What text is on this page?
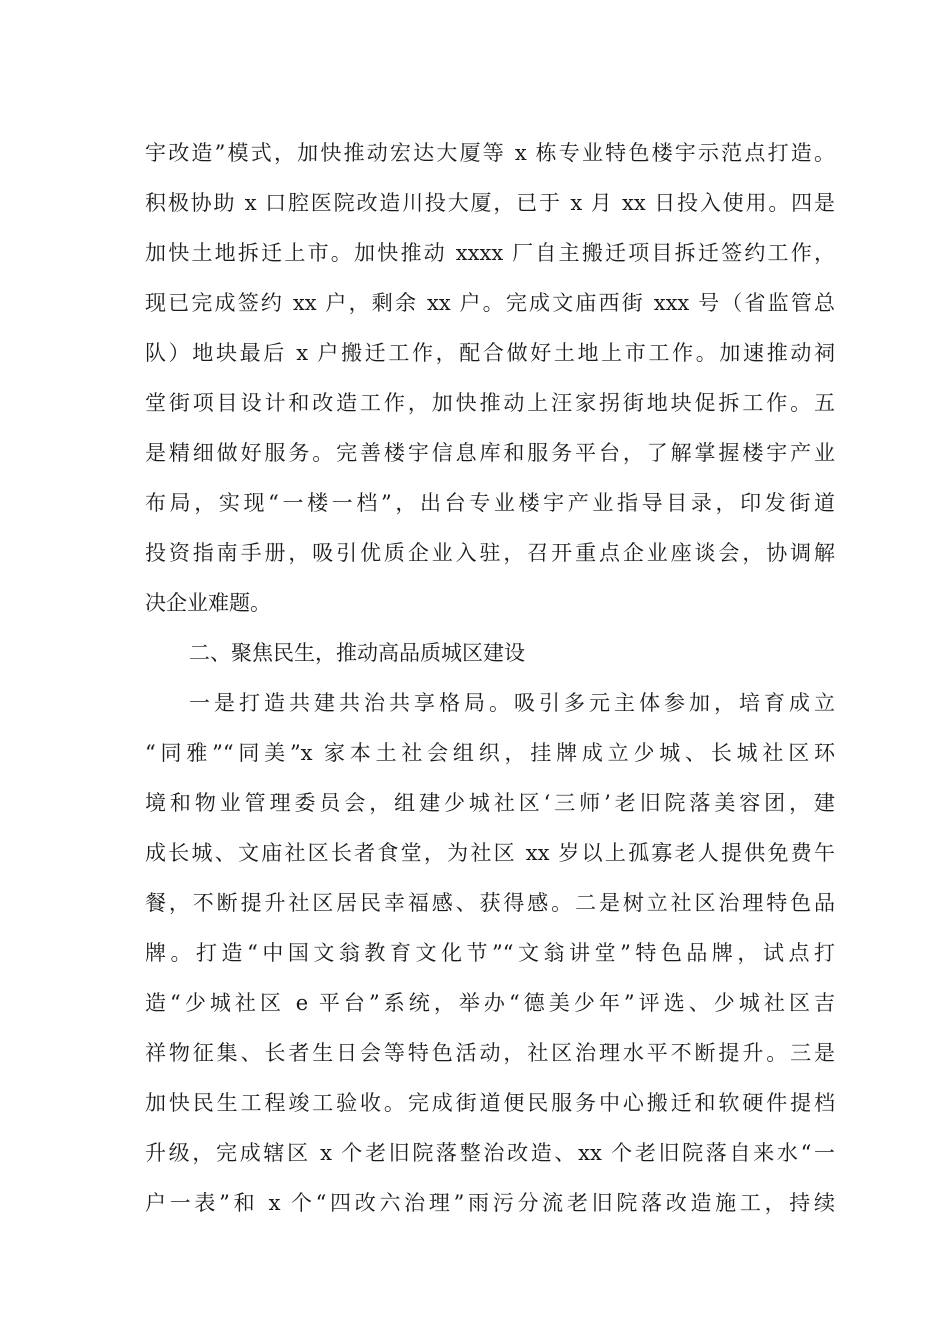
宇改造”模式，加快推动宏达大厦等 x 栋专业特色楼宇示范点打造。
积极协助 x 口腔医院改造川投大厦，已于 x 月 xx 日投入使用。四是
加快土地拆迁上市。加快推动 xxxx 厂自主搬迁项目拆迁签约工作，
现已完成签约 xx 户，剩余 xx 户。完成文庙西街 xxx 号（省监管总
队）地块最后 x 户搬迁工作，配合做好土地上市工作。加速推动祠
堂街项目设计和改造工作，加快推动上汪家拐街地块促拆工作。五
是精细做好服务。完善楼宇信息库和服务平台，了解掌握楼宇产业
布局，实现“一楼一档”，出台专业楼宇产业指导目录，印发街道
投资指南手册，吸引优质企业入驻，召开重点企业座谈会，协调解
决企业难题。
二、聚焦民生，推动高品质城区建设
一是打造共建共治共享格局。吸引多元主体参加，培育成立
“同雅”“同美”x 家本土社会组织，挂牌成立少城、长城社区环
境和物业管理委员会，组建少城社区‘三师’老旧院落美容团，建
成长城、文庙社区长者食堂，为社区 xx 岁以上孤寡老人提供免费午
餐，不断提升社区居民幸福感、获得感。二是树立社区治理特色品
牌。打造“中国文翁教育文化节”“文翁讲堂”特色品牌，试点打
造“少城社区 e 平台”系统，举办“德美少年”评选、少城社区吉
祥物征集、长者生日会等特色活动，社区治理水平不断提升。三是
加快民生工程竣工验收。完成街道便民服务中心搬迁和软硬件提档
升级，完成辖区 x 个老旧院落整治改造、xx 个老旧院落自来水“一
户一表”和 x 个“四改六治理”雨污分流老旧院落改造施工，持续
